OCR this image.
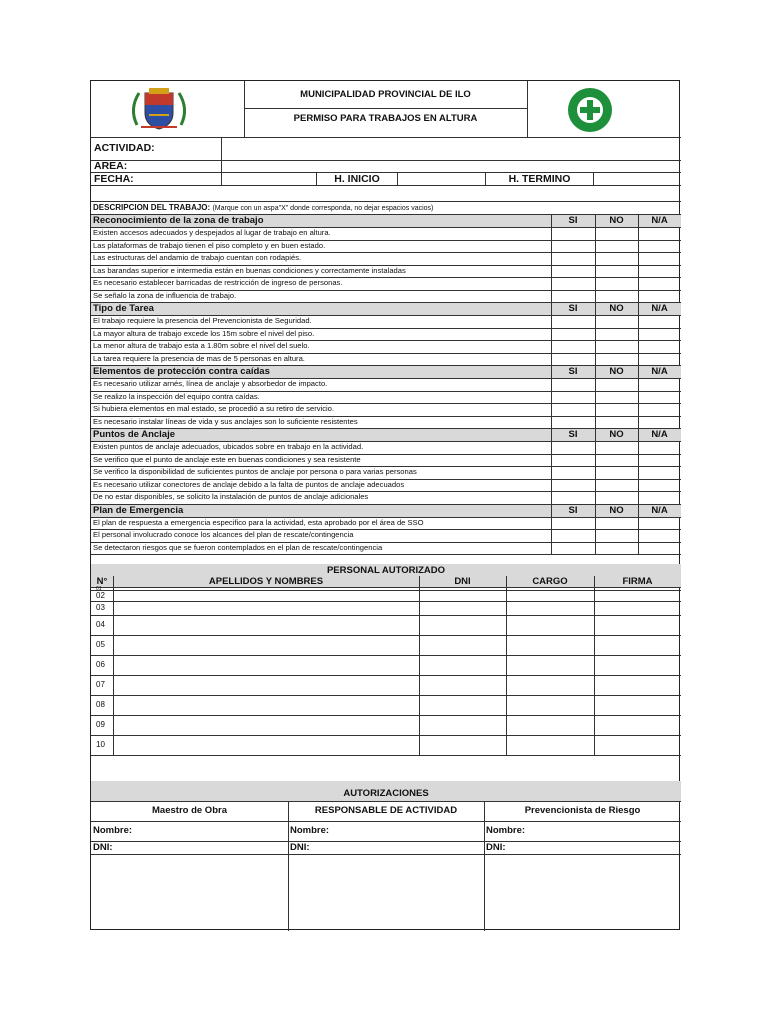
MUNICIPALIDAD PROVINCIAL DE ILO
PERMISO PARA TRABAJOS EN ALTURA
ACTIVIDAD:
AREA:
FECHA:	H. INICIO	H. TERMINO
DESCRIPCION DEL TRABAJO: (Marque con un aspa"X" donde corresponda, no dejar espacios vacios)
Reconocimiento de la zona de trabajo	SI	NO	N/A
Existen accesos adecuados y despejados al lugar de trabajo en altura.
Las plataformas de trabajo tienen el piso completo y en buen estado.
Las estructuras del andamio de trabajo cuentan con rodapiés.
Las barandas superior e intermedia están en buenas condiciones y correctamente instaladas
Es necesario establecer barricadas de restricción de ingreso de personas.
Se señalo la zona de influencia de trabajo.
Tipo de Tarea	SI	NO	N/A
El trabajo requiere la presencia del Prevencionista de Seguridad.
La mayor altura de trabajo excede los 15m sobre el nivel del piso.
La menor altura de trabajo esta a 1.80m sobre el nivel del suelo.
La tarea requiere la presencia de mas de 5 personas en altura.
Elementos de protección contra caídas	SI	NO	N/A
Es necesario utilizar arnés, línea de anclaje y absorbedor de impacto.
Se realizo la inspección del equipo contra caídas.
Si hubiera elementos en mal estado, se procedió a su retiro de servicio.
Es necesario instalar líneas de vida y sus anclajes son lo suficiente resistentes
Puntos de Anclaje	SI	NO	N/A
Existen puntos de anclaje adecuados, ubicados sobre en trabajo en la actividad.
Se verifico que el punto de anclaje este en buenas condiciones y sea resistente
Se verifico la disponibilidad de suficientes puntos de anclaje por persona o para varias personas
Es necesario utilizar conectores de anclaje debido a la falta de puntos de anclaje adecuados
De no estar disponibles, se solicito la instalación de puntos de anclaje adicionales
Plan de Emergencia	SI	NO	N/A
El plan de respuesta a emergencia especifico para la actividad, esta aprobado por el área de SSO
El personal involucrado conoce los alcances del plan de rescate/contingencia
Se detectaron riesgos que se fueron contemplados en el plan de rescate/contingencia
PERSONAL AUTORIZADO
N°	APELLIDOS Y NOMBRES	DNI	CARGO	FIRMA
01
02
03
04
05
06
07
08
09
10
AUTORIZACIONES
Maestro de Obra
Nombre:
DNI:
RESPONSABLE DE ACTIVIDAD
Nombre:
DNI:
Prevencionista de Riesgo
Nombre:
DNI:
